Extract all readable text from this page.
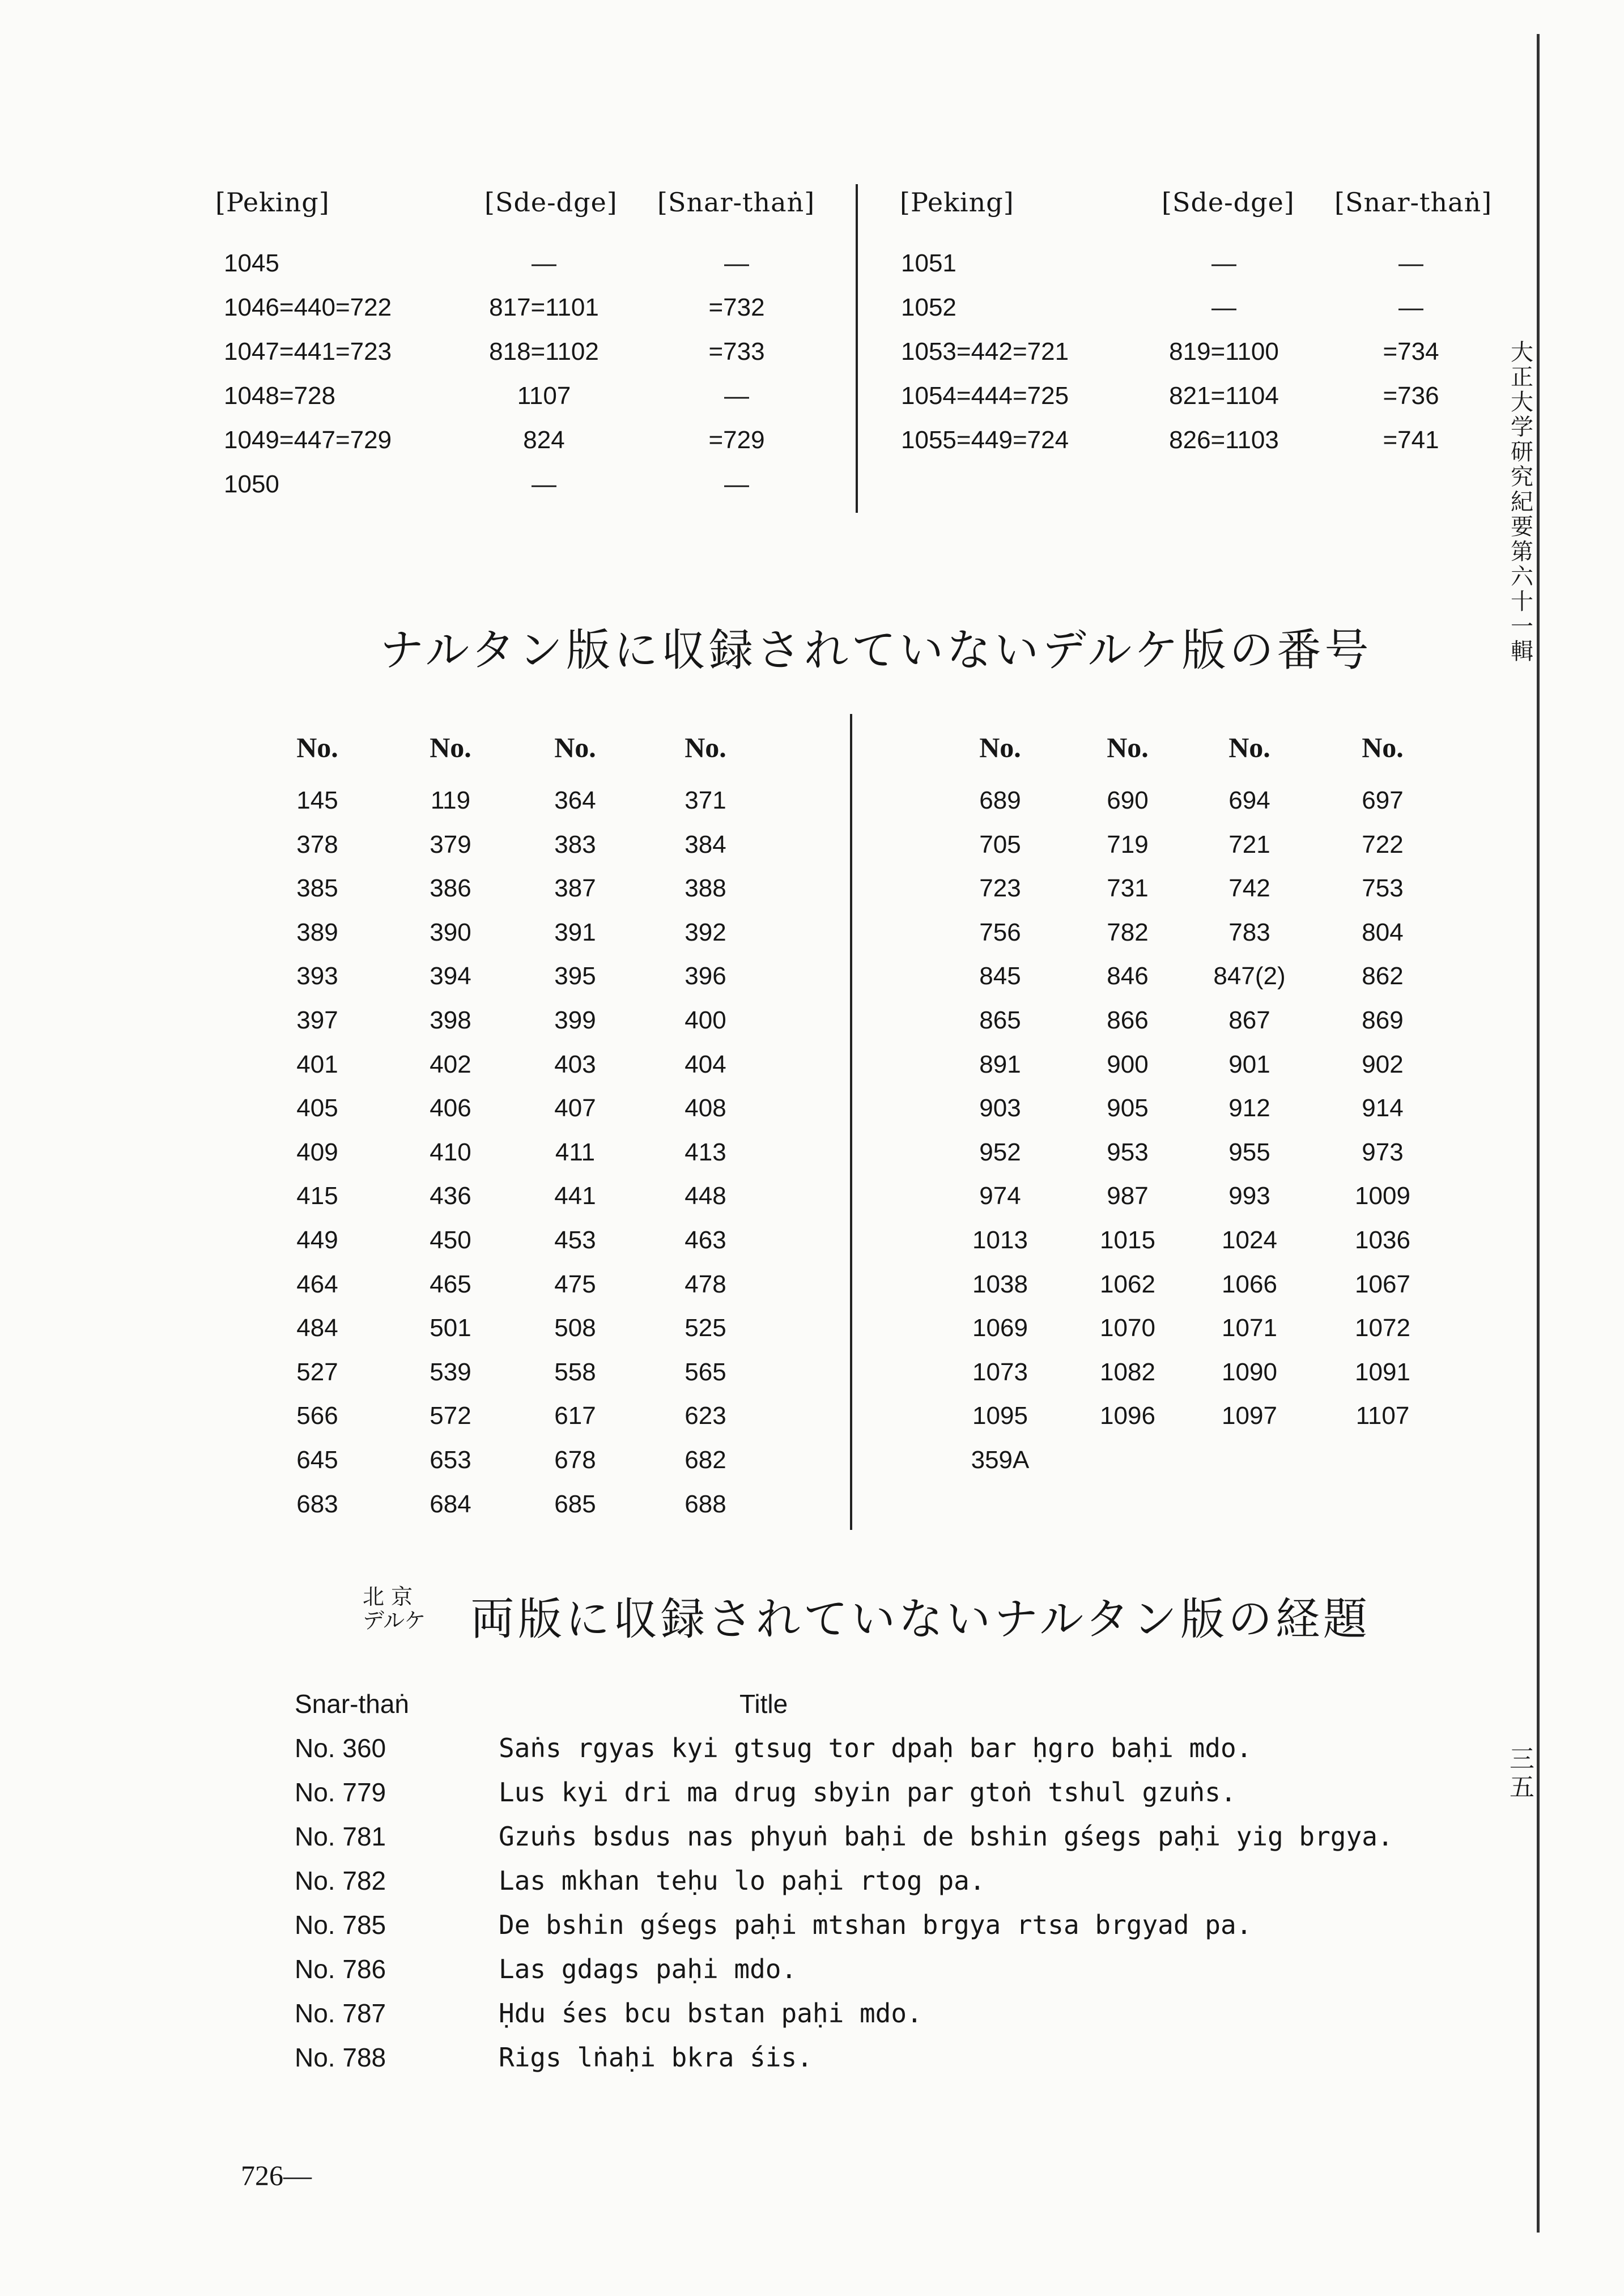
[Peking]	[Sde-dge] [Snar-thaṅ]	[Peking]	[Sde-dge] [Snar-thaṅ]
1045	—	—
1046=440=722	817=1101	=732
1047=441=723	818=1102	=733
1048=728	1107	—
1049=447=729	824	=729
1050	—	—
1051	—	—
1052	—	—
1053=442=721	819=1100	=734
1054=444=725	821=1104	=736
1055=449=724	826=1103	=741
ナルタン版に収録されていないデルケ版の番号
No.	No.	No.	No.	No.	No.	No.	No.
145	119	364	371
378	379	383	384
385	386	387	388
389	390	391	392
393	394	395	396
397	398	399	400
401	402	403	404
405	406	407	408
409	410	411	413
415	436	441	448
449	450	453	463
464	465	475	478
484	501	508	525
527	539	558	565
566	572	617	623
645	653	678	682
683	684	685	688
689	690	694	697
705	719	721	722
723	731	742	753
756	782	783	804
845	846	847(2)	862
865	866	867	869
891	900	901	902
903	905	912	914
952	953	955	973
974	987	993	1009
1013	1015	1024	1036
1038	1062	1066	1067
1069	1070	1071	1072
1073	1082	1090	1091
1095	1096	1097	1107
359A
北 京
デルケ 両版に収録されていないナルタン版の経題
Snar-thaṅ	Title
No. 360	Saṅs rgyas kyi gtsug tor dpaḥ bar ḥgro baḥi mdo.
No. 779	Lus kyi dri ma drug sbyin par gtoṅ tshul gzuṅs.
No. 781	Gzuṅs bsdus nas phyuṅ baḥi de bshin gśegs paḥi yig brgya.
No. 782	Las mkhan teḥu lo paḥi rtog pa.
No. 785	De bshin gśegs paḥi mtshan brgya rtsa brgyad pa.
No. 786	Las gdags paḥi mdo.
No. 787	Ḥdu śes bcu bstan paḥi mdo.
No. 788	Rigs lṅaḥi bkra śis.
726—
大
正
大
学
研
究
紀
要
第
六
十
一
輯
三
五
